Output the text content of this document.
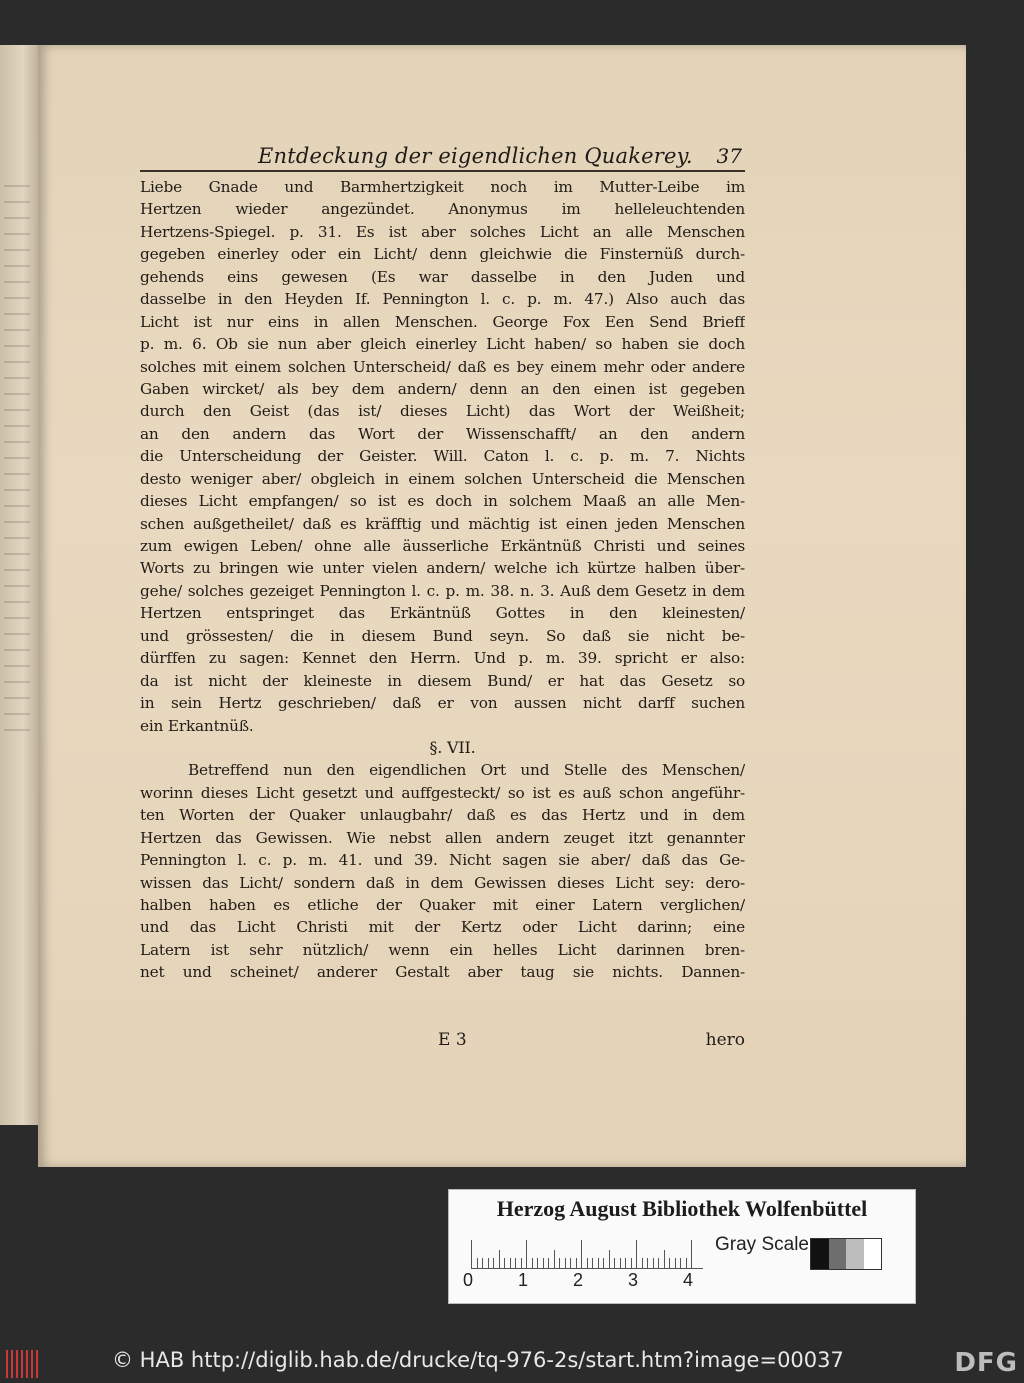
Entdeckung der eigendlichen Quakerey. 37
Liebe Gnade und Barmhertzigkeit noch im Mutter-Leibe im
Hertzen wieder angezündet. Anonymus im helleleuchtenden
Hertzens-Spiegel. p. 31. Es ist aber solches Licht an alle Menschen
gegeben einerley oder ein Licht/ denn gleichwie die Finsternüß durch-
gehends eins gewesen (Es war dasselbe in den Juden und
dasselbe in den Heyden If. Pennington l. c. p. m. 47.) Also auch das
Licht ist nur eins in allen Menschen. George Fox Een Send Brieff
p. m. 6. Ob sie nun aber gleich einerley Licht haben/ so haben sie doch
solches mit einem solchen Unterscheid/ daß es bey einem mehr oder andere
Gaben wircket/ als bey dem andern/ denn an den einen ist gegeben
durch den Geist (das ist/ dieses Licht) das Wort der Weißheit;
an den andern das Wort der Wissenschafft/ an den andern
die Unterscheidung der Geister. Will. Caton l. c. p. m. 7. Nichts
desto weniger aber/ obgleich in einem solchen Unterscheid die Menschen
dieses Licht empfangen/ so ist es doch in solchem Maaß an alle Men-
schen außgetheilet/ daß es kräfftig und mächtig ist einen jeden Menschen
zum ewigen Leben/ ohne alle äusserliche Erkäntnüß Christi und seines
Worts zu bringen wie unter vielen andern/ welche ich kürtze halben über-
gehe/ solches gezeiget Pennington l. c. p. m. 38. n. 3. Auß dem Gesetz in dem
Hertzen entspringet das Erkäntnüß Gottes in den kleinesten/
und grössesten/ die in diesem Bund seyn. So daß sie nicht be-
dürffen zu sagen: Kennet den Herrn. Und p. m. 39. spricht er also:
da ist nicht der kleineste in diesem Bund/ er hat das Gesetz so
in sein Hertz geschrieben/ daß er von aussen nicht darff suchen
ein Erkantnüß.
§. VII.
Betreffend nun den eigendlichen Ort und Stelle des Menschen/
worinn dieses Licht gesetzt und auffgesteckt/ so ist es auß schon angeführ-
ten Worten der Quaker unlaugbahr/ daß es das Hertz und in dem
Hertzen das Gewissen. Wie nebst allen andern zeuget itzt genannter
Pennington l. c. p. m. 41. und 39. Nicht sagen sie aber/ daß das Ge-
wissen das Licht/ sondern daß in dem Gewissen dieses Licht sey: dero-
halben haben es etliche der Quaker mit einer Latern verglichen/
und das Licht Christi mit der Kertz oder Licht darinn; eine
Latern ist sehr nützlich/ wenn ein helles Licht darinnen bren-
net und scheinet/ anderer Gestalt aber taug sie nichts. Dannen-
E 3	hero
Herzog August Bibliothek Wolfenbüttel
0 1 2 3 4
Gray Scale
© HAB http://diglib.hab.de/drucke/tq-976-2s/start.htm?image=00037	DFG
